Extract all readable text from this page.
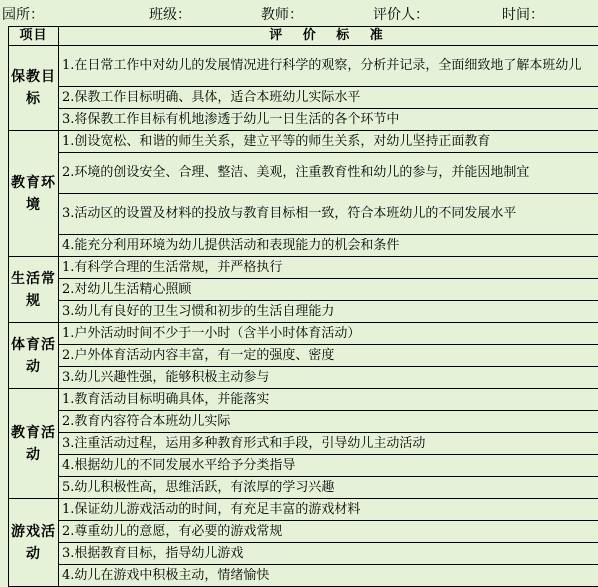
园所：	班级：	教师：	评价人：	时间：
项目	评 价 标 准
保教目标	1.在日常工作中对幼儿的发展情况进行科学的观察，分析并记录，全面细致地了解本班幼儿
	2.保教工作目标明确、具体，适合本班幼儿实际水平
	3.将保教工作目标有机地渗透于幼儿一日生活的各个环节中
教育环境	1.创设宽松、和谐的师生关系，建立平等的师生关系，对幼儿坚持正面教育
	2.环境的创设安全、合理、整洁、美观，注重教育性和幼儿的参与，并能因地制宜
	3.活动区的设置及材料的投放与教育目标相一致，符合本班幼儿的不同发展水平
	4.能充分利用环境为幼儿提供活动和表现能力的机会和条件
生活常规	1.有科学合理的生活常规，并严格执行
	2.对幼儿生活精心照顾
	3.幼儿有良好的卫生习惯和初步的生活自理能力
体育活动	1.户外活动时间不少于一小时（含半小时体育活动）
	2.户外体育活动内容丰富，有一定的强度、密度
	3.幼儿兴趣性强，能够积极主动参与
教育活动	1.教育活动目标明确具体，并能落实
	2.教育内容符合本班幼儿实际
	3.注重活动过程，运用多种教育形式和手段，引导幼儿主动活动
	4.根据幼儿的不同发展水平给予分类指导
	5.幼儿积极性高，思维活跃，有浓厚的学习兴趣
游戏活动	1.保证幼儿游戏活动的时间，有充足丰富的游戏材料
	2.尊重幼儿的意愿，有必要的游戏常规
	3.根据教育目标，指导幼儿游戏
	4.幼儿在游戏中积极主动，情绪愉快
